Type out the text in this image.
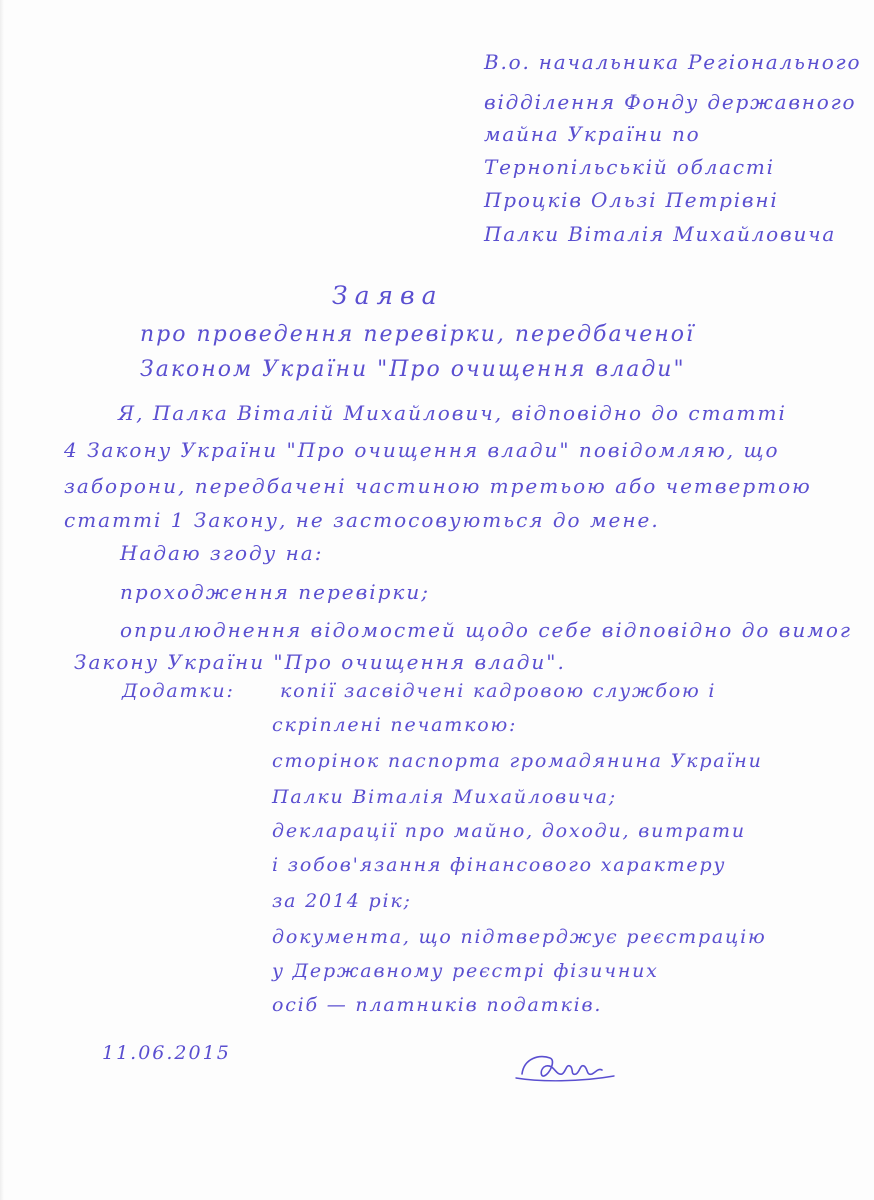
В.о. начальника Регіонального
відділення Фонду державного
майна України по
Тернопільській області
Процків Ользі Петрівні
Палки Віталія Михайловича
Заява
про проведення перевірки, передбаченої
Законом України "Про очищення влади"
Я, Палка Віталій Михайлович, відповідно до статті
4 Закону України "Про очищення влади" повідомляю, що
заборони, передбачені частиною третьою або четвертою
статті 1 Закону, не застосовуються до мене.
Надаю згоду на:
проходження перевірки;
оприлюднення відомостей щодо себе відповідно до вимог
Закону України "Про очищення влади".
Додатки: копії засвідчені кадровою службою і
скріплені печаткою:
сторінок паспорта громадянина України
Палки Віталія Михайловича;
декларації про майно, доходи, витрати
і зобов'язання фінансового характеру
за 2014 рік;
документа, що підтверджує реєстрацію
у Державному реєстрі фізичних
осіб — платників податків.
11.06.2015
